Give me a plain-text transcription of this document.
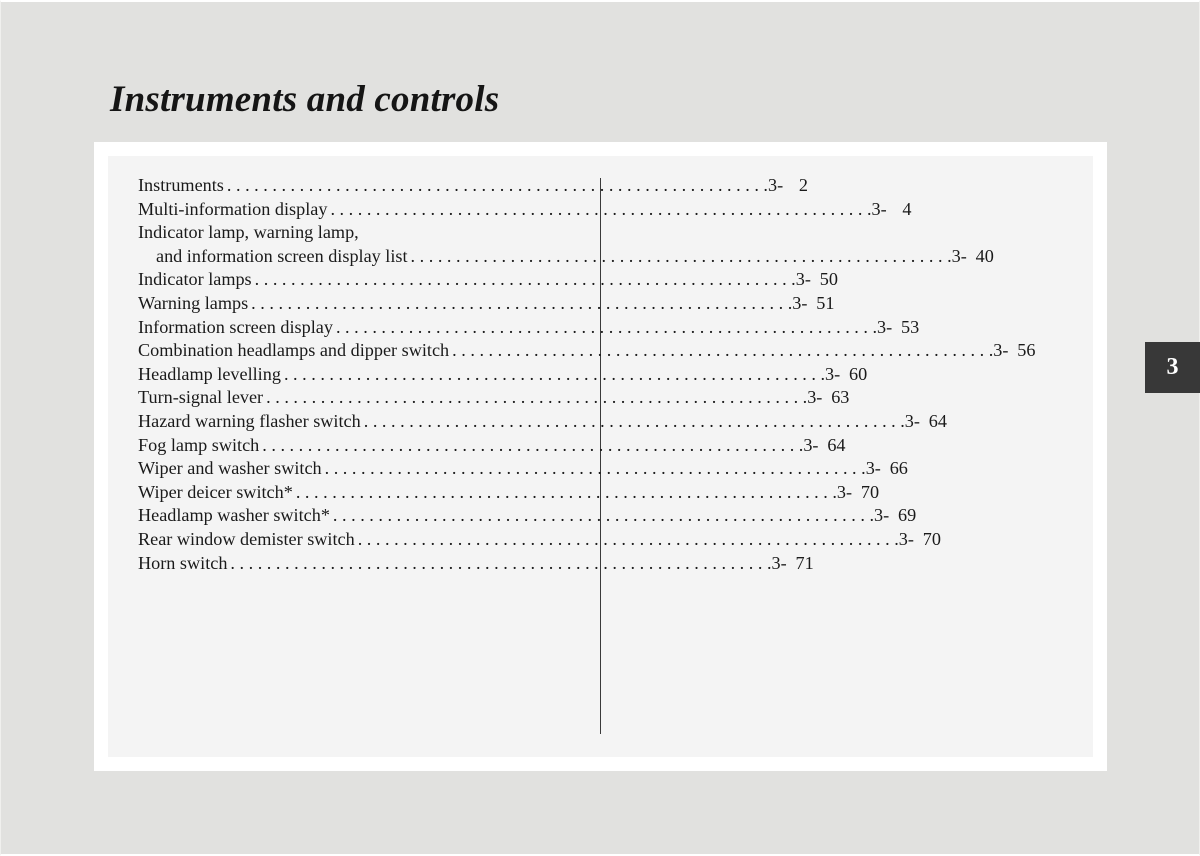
Instruments and controls
Instruments . . .	3- 2
Multi-information display . . .	3- 4
Indicator lamp, warning lamp,
and information screen display list . . .	3- 40
Indicator lamps . . .	3- 50
Warning lamps . . .	3- 51
Information screen display . . .	3- 53
Combination headlamps and dipper switch . . .	3- 56
Headlamp levelling . . .	3- 60
Turn-signal lever . . .	3- 63
Hazard warning flasher switch . . .	3- 64
Fog lamp switch . . .	3- 64
Wiper and washer switch . . .	3- 66
Wiper deicer switch* . . .	3- 70
Headlamp washer switch* . . .	3- 69
Rear window demister switch . . .	3- 70
Horn switch . . .	3- 71
3
